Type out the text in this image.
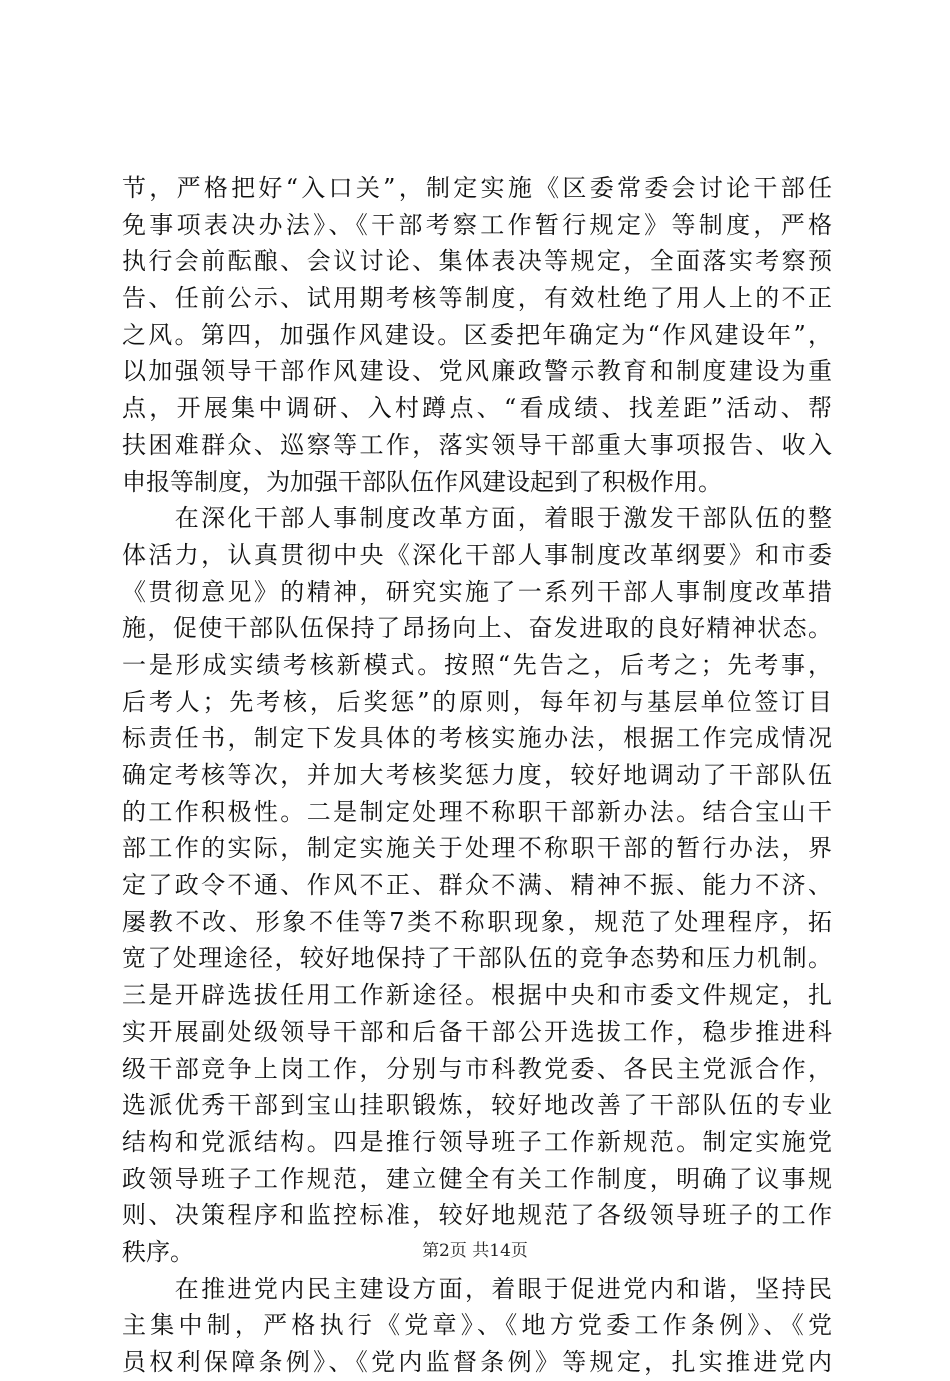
节，严格把好“入口关”，制定实施《区委常委会讨论干部任
免事项表决办法》、《干部考察工作暂行规定》等制度，严格
执行会前酝酿、会议讨论、集体表决等规定，全面落实考察预
告、任前公示、试用期考核等制度，有效杜绝了用人上的不正
之风。第四，加强作风建设。区委把年确定为“作风建设年”，
以加强领导干部作风建设、党风廉政警示教育和制度建设为重
点，开展集中调研、入村蹲点、“看成绩、找差距”活动、帮
扶困难群众、巡察等工作，落实领导干部重大事项报告、收入
申报等制度，为加强干部队伍作风建设起到了积极作用。
　　在深化干部人事制度改革方面，着眼于激发干部队伍的整
体活力，认真贯彻中央《深化干部人事制度改革纲要》和市委
《贯彻意见》的精神，研究实施了一系列干部人事制度改革措
施，促使干部队伍保持了昂扬向上、奋发进取的良好精神状态。
一是形成实绩考核新模式。按照“先告之，后考之；先考事，
后考人；先考核，后奖惩”的原则，每年初与基层单位签订目
标责任书，制定下发具体的考核实施办法，根据工作完成情况
确定考核等次，并加大考核奖惩力度，较好地调动了干部队伍
的工作积极性。二是制定处理不称职干部新办法。结合宝山干
部工作的实际，制定实施关于处理不称职干部的暂行办法，界
定了政令不通、作风不正、群众不满、精神不振、能力不济、
屡教不改、形象不佳等7类不称职现象，规范了处理程序，拓
宽了处理途径，较好地保持了干部队伍的竞争态势和压力机制。
三是开辟选拔任用工作新途径。根据中央和市委文件规定，扎
实开展副处级领导干部和后备干部公开选拔工作，稳步推进科
级干部竞争上岗工作，分别与市科教党委、各民主党派合作，
选派优秀干部到宝山挂职锻炼，较好地改善了干部队伍的专业
结构和党派结构。四是推行领导班子工作新规范。制定实施党
政领导班子工作规范，建立健全有关工作制度，明确了议事规
则、决策程序和监控标准，较好地规范了各级领导班子的工作
秩序。
　　在推进党内民主建设方面，着眼于促进党内和谐，坚持民
主集中制，严格执行《党章》、《地方党委工作条例》、《党
员权利保障条例》、《党内监督条例》等规定，扎实推进党内
第2页 共14页
